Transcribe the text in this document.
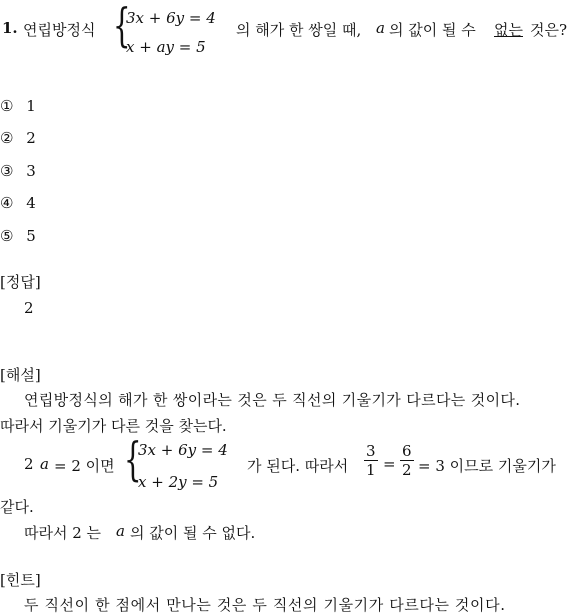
1. 연립방정식 {
3x + 6y = 4
x + ay = 5
의 해가 한 쌍일 때, a 의 값이 될 수 없는 것은?
① 1
② 2
③ 3
④ 4
⑤ 5
[정답]
2
[해설]
연립방정식의 해가 한 쌍이라는 것은 두 직선의 기울기가 다르다는 것이다.
따라서 기울기가 다른 것을 찾는다.
2 a = 2 이면 {
3x + 6y = 4
x + 2y = 5
가 된다. 따라서 $\frac{3}{1} = \frac{6}{2} = 3$ 이므로 기울기가
같다.
따라서 2 는 a 의 값이 될 수 없다.
[힌트]
두 직선이 한 점에서 만나는 것은 두 직선의 기울기가 다르다는 것이다.
